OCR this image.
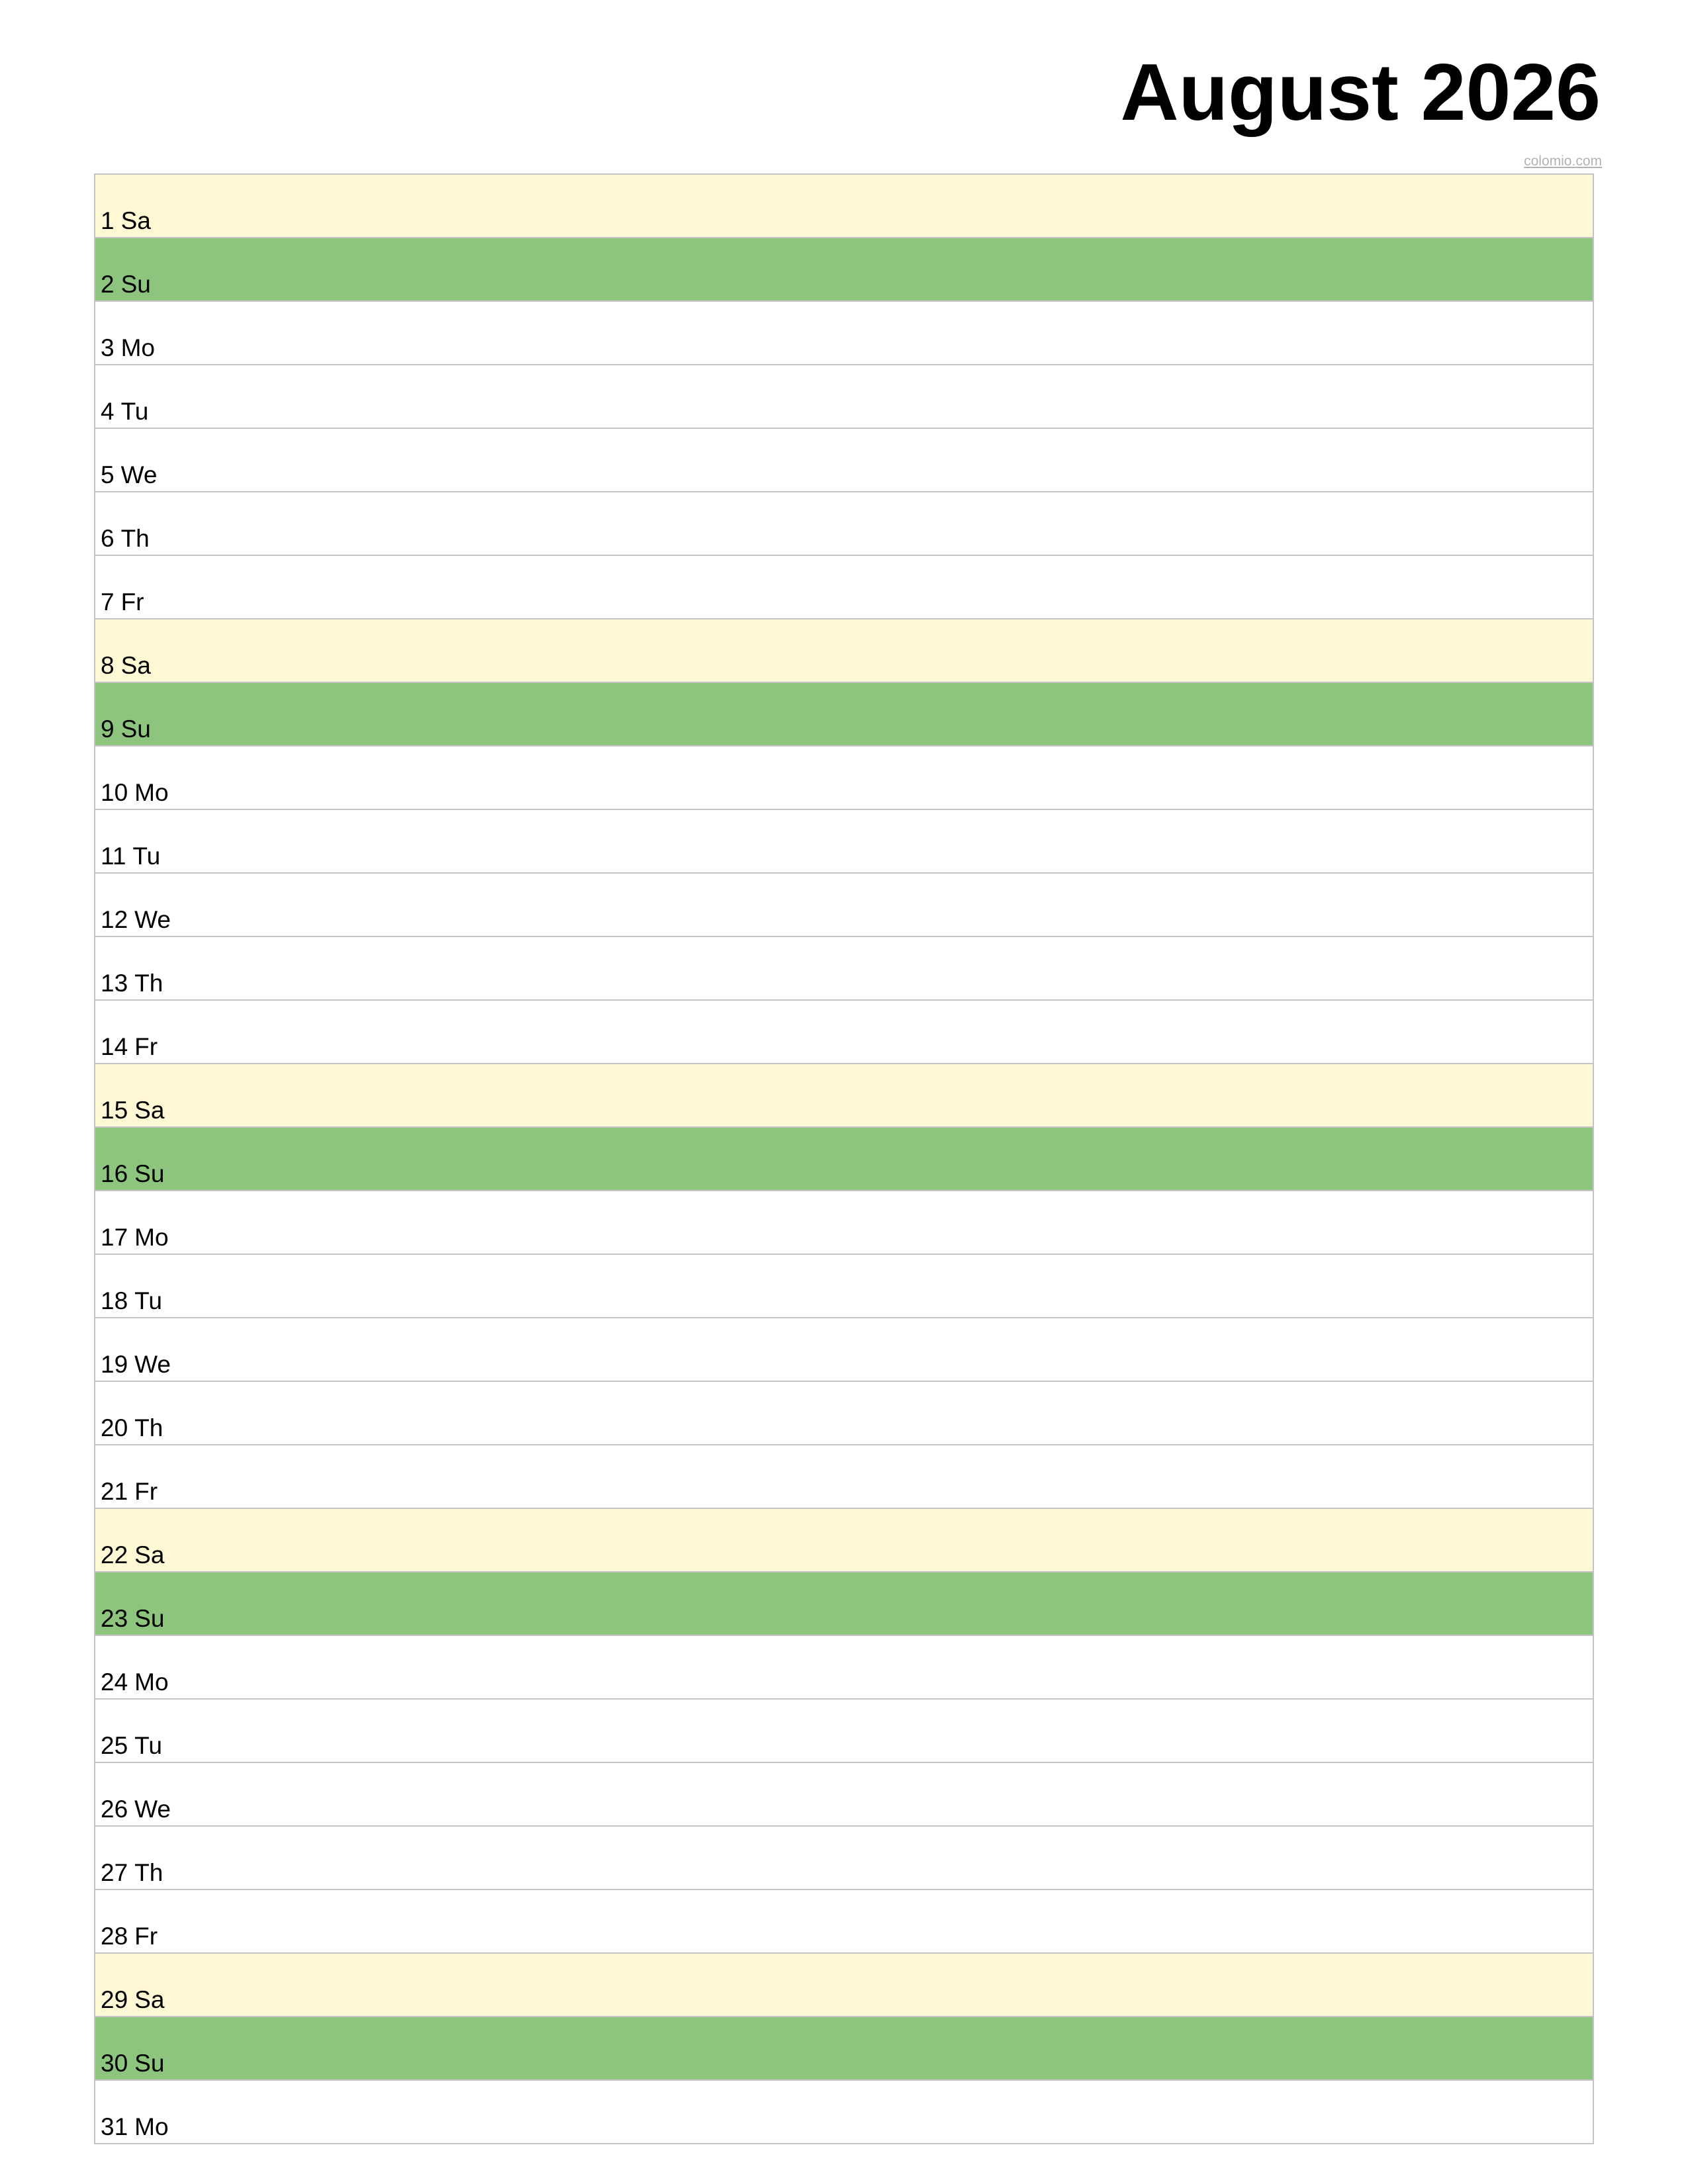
August 2026
colomio.com
1 Sa
2 Su
3 Mo
4 Tu
5 We
6 Th
7 Fr
8 Sa
9 Su
10 Mo
11 Tu
12 We
13 Th
14 Fr
15 Sa
16 Su
17 Mo
18 Tu
19 We
20 Th
21 Fr
22 Sa
23 Su
24 Mo
25 Tu
26 We
27 Th
28 Fr
29 Sa
30 Su
31 Mo
